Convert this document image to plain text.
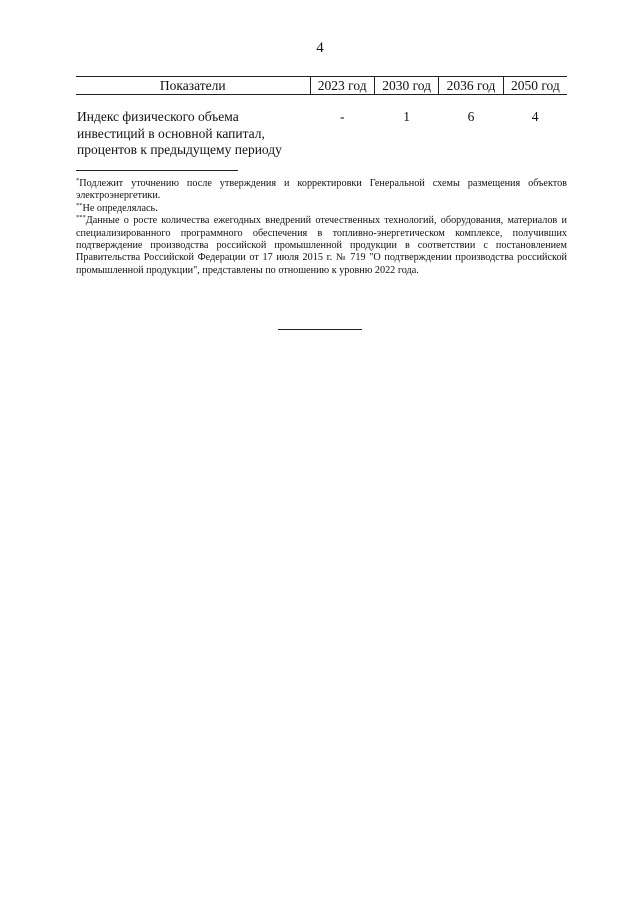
4
Показатели	2023 год	2030 год	2036 год	2050 год
Индекс физического объема инвестиций в основной капитал, процентов к предыдущему периоду	-	1	6	4

*Подлежит уточнению после утверждения и корректировки Генеральной схемы размещения объектов электроэнергетики.

**Не определялась.

***Данные о росте количества ежегодных внедрений отечественных технологий, оборудования, материалов и специализированного программного обеспечения в топливно-энергетическом комплексе, получивших подтверждение производства российской промышленной продукции в соответствии с постановлением Правительства Российской Федерации от 17 июля 2015 г. № 719 "О подтверждении производства российской промышленной продукции", представлены по отношению к уровню 2022 года.
